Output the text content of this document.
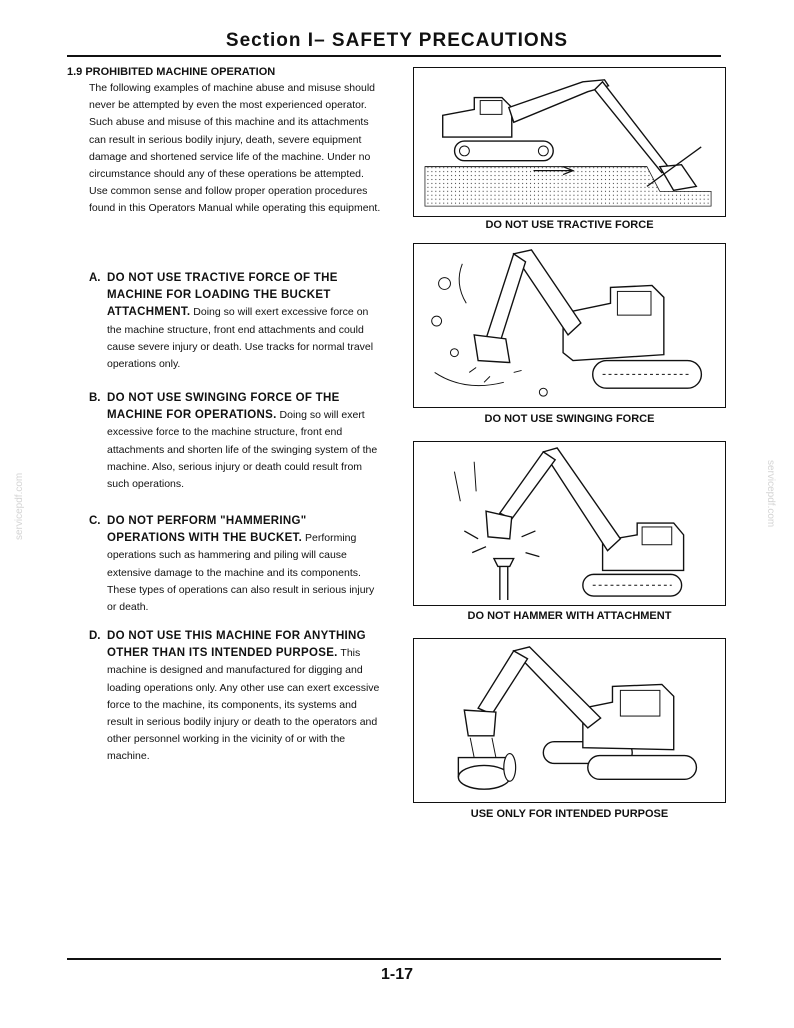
Section I– SAFETY PRECAUTIONS
1.9 PROHIBITED MACHINE OPERATION
The following examples of machine abuse and misuse should never be attempted by even the most experienced operator. Such abuse and misuse of this machine and its attachments can result in serious bodily injury, death, severe equipment damage and shortened service life of the machine. Under no circumstance should any of these operations be attempted. Use common sense and follow proper operation procedures found in this Operators Manual while operating this equipment.
A. DO NOT USE TRACTIVE FORCE OF THE MACHINE FOR LOADING THE BUCKET ATTACHMENT. Doing so will exert excessive force on the machine structure, front end attachments and could cause severe injury or death. Use tracks for normal travel operations only.
B. DO NOT USE SWINGING FORCE OF THE MACHINE FOR OPERATIONS. Doing so will exert excessive force to the machine structure, front end attachments and shorten life of the swinging system of the machine. Also, serious injury or death could result from such operations.
C. DO NOT PERFORM "HAMMERING" OPERATIONS WITH THE BUCKET. Performing operations such as hammering and piling will cause extensive damage to the machine and its components. These types of operations can also result in serious injury or death.
D. DO NOT USE THIS MACHINE FOR ANYTHING OTHER THAN ITS INTENDED PURPOSE. This machine is designed and manufactured for digging and loading operations only. Any other use can exert excessive force to the machine, its components, its systems and result in serious bodily injury or death to the operators and other personnel working in the vicinity of or with the machine.
DO NOT USE TRACTIVE FORCE
DO NOT USE SWINGING FORCE
DO NOT HAMMER WITH ATTACHMENT
USE ONLY FOR INTENDED PURPOSE
1-17
servicepdf.com	servicepdf.com
